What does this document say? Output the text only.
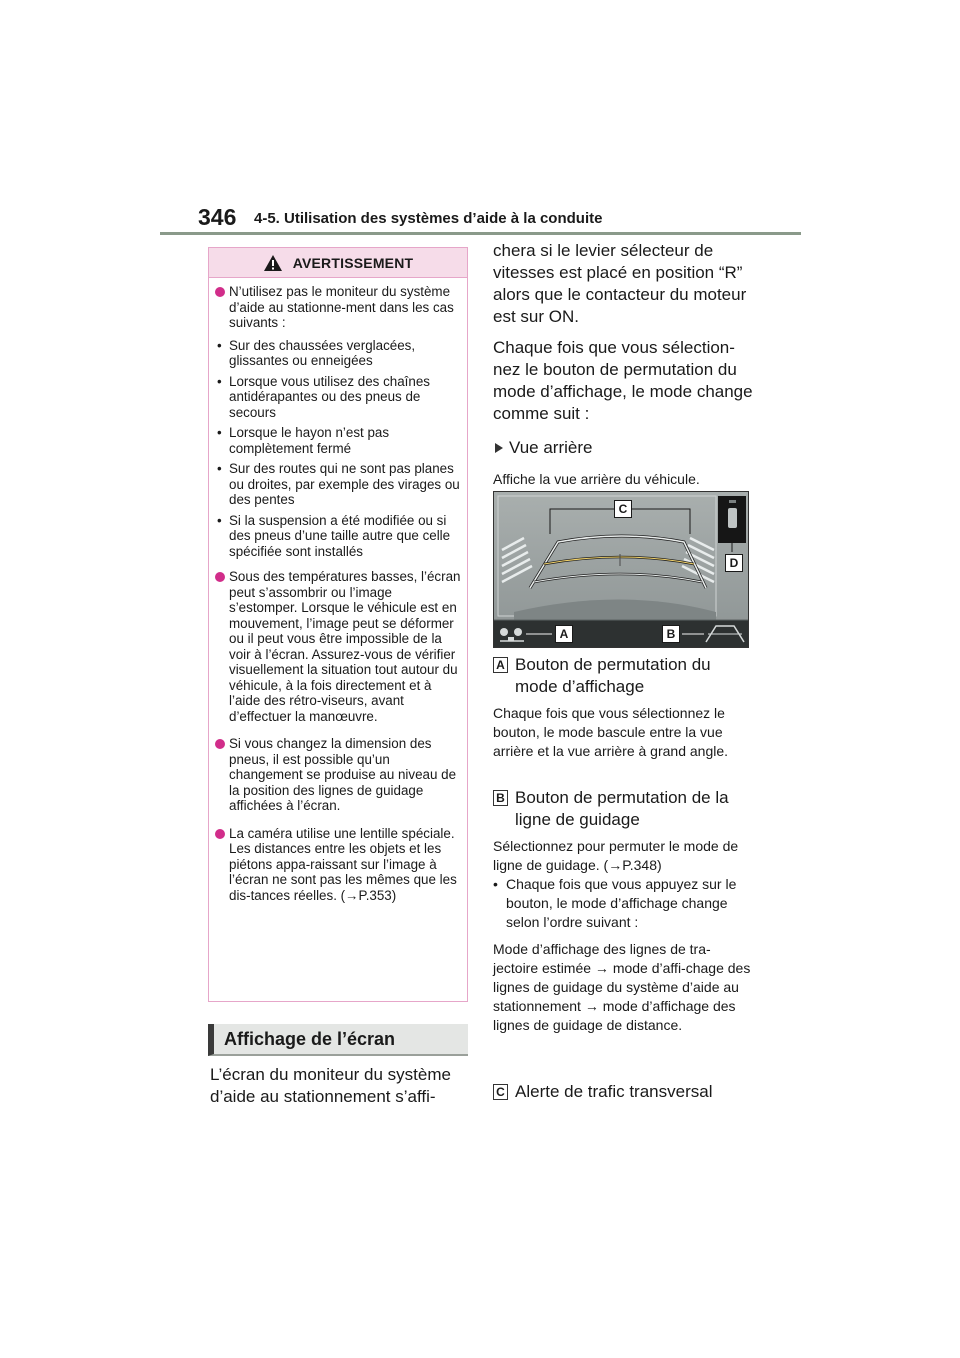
346 4-5. Utilisation des systèmes d’aide à la conduite
AVERTISSEMENT
N’utilisez pas le moniteur du système d’aide au stationne-ment dans les cas suivants :
• Sur des chaussées verglacées, glissantes ou enneigées
• Lorsque vous utilisez des chaînes antidérapantes ou des pneus de secours
• Lorsque le hayon n’est pas complètement fermé
• Sur des routes qui ne sont pas planes ou droites, par exemple des virages ou des pentes
• Si la suspension a été modifiée ou si des pneus d’une taille autre que celle spécifiée sont installés
Sous des températures basses, l’écran peut s’assombrir ou l’image s’estomper. Lorsque le véhicule est en mouvement, l’image peut se déformer ou il peut vous être impossible de la voir à l’écran. Assurez-vous de vérifier visuellement la situation tout autour du véhicule, à la fois directement et à l’aide des rétro-viseurs, avant d’effectuer la manœuvre.
Si vous changez la dimension des pneus, il est possible qu’un changement se produise au niveau de la position des lignes de guidage affichées à l’écran.
La caméra utilise une lentille spéciale. Les distances entre les objets et les piétons appa-raissant sur l’image à l’écran ne sont pas les mêmes que les dis-tances réelles. (→P.353)
Affichage de l’écran

L’écran du moniteur du système d’aide au stationnement s’affi-

chera si le levier sélecteur de vitesses est placé en position “R” alors que le contacteur du moteur est sur ON.

Chaque fois que vous sélection-nez le bouton de permutation du mode d’affichage, le mode change comme suit :

Vue arrière

Affiche la vue arrière du véhicule.

C
D
A	B
A Bouton de permutation du mode d’affichage
Chaque fois que vous sélectionnez le bouton, le mode bascule entre la vue arrière et la vue arrière à grand angle.
B Bouton de permutation de la ligne de guidage
Sélectionnez pour permuter le mode de ligne de guidage. (→P.348)
• Chaque fois que vous appuyez sur le bouton, le mode d’affichage change selon l’ordre suivant :
Mode d’affichage des lignes de tra-jectoire estimée → mode d’affi-chage des lignes de guidage du système d’aide au stationnement → mode d’affichage des lignes de guidage de distance.
C Alerte de trafic transversal
